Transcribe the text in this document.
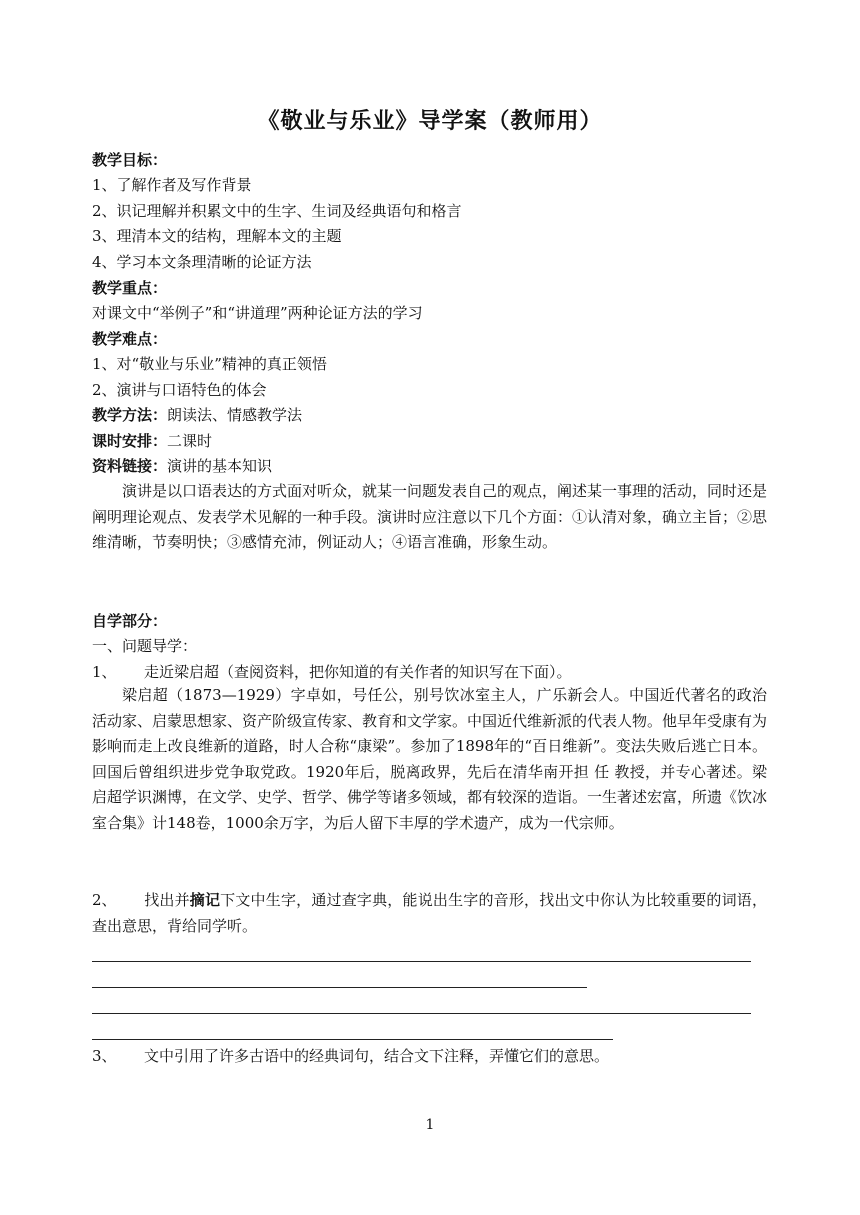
《敬业与乐业》导学案（教师用）
教学目标：
1、了解作者及写作背景
2、识记理解并积累文中的生字、生词及经典语句和格言
3、理清本文的结构，理解本文的主题
4、学习本文条理清晰的论证方法
教学重点：
对课文中“举例子”和“讲道理”两种论证方法的学习
教学难点：
1、对“敬业与乐业”精神的真正领悟
2、演讲与口语特色的体会
教学方法：朗读法、情感教学法
课时安排：二课时
资料链接：演讲的基本知识
演讲是以口语表达的方式面对听众，就某一问题发表自己的观点，阐述某一事理的活动，同时还是阐明理论观点、发表学术见解的一种手段。演讲时应注意以下几个方面：①认清对象，确立主旨；②思维清晰，节奏明快；③感情充沛，例证动人；④语言准确，形象生动。
自学部分：
一、问题导学：
1、 走近梁启超（查阅资料，把你知道的有关作者的知识写在下面）。
梁启超（1873—1929）字卓如，号任公，别号饮冰室主人，广乐新会人。中国近代著名的政治活动家、启蒙思想家、资产阶级宣传家、教育和文学家。中国近代维新派的代表人物。他早年受康有为影响而走上改良维新的道路，时人合称“康梁”。参加了1898年的“百日维新”。变法失败后逃亡日本。回国后曾组织进步党争取党政。1920年后，脱离政界，先后在清华南开担 任 教授，并专心著述。梁启超学识渊博，在文学、史学、哲学、佛学等诸多领域，都有较深的造诣。一生著述宏富，所遗《饮冰室合集》计148卷，1000余万字，为后人留下丰厚的学术遗产，成为一代宗师。
2、 找出并摘记下文中生字，通过查字典，能说出生字的音形，找出文中你认为比较重要的词语，查出意思，背给同学听。
3、 文中引用了许多古语中的经典词句，结合文下注释，弄懂它们的意思。
1
